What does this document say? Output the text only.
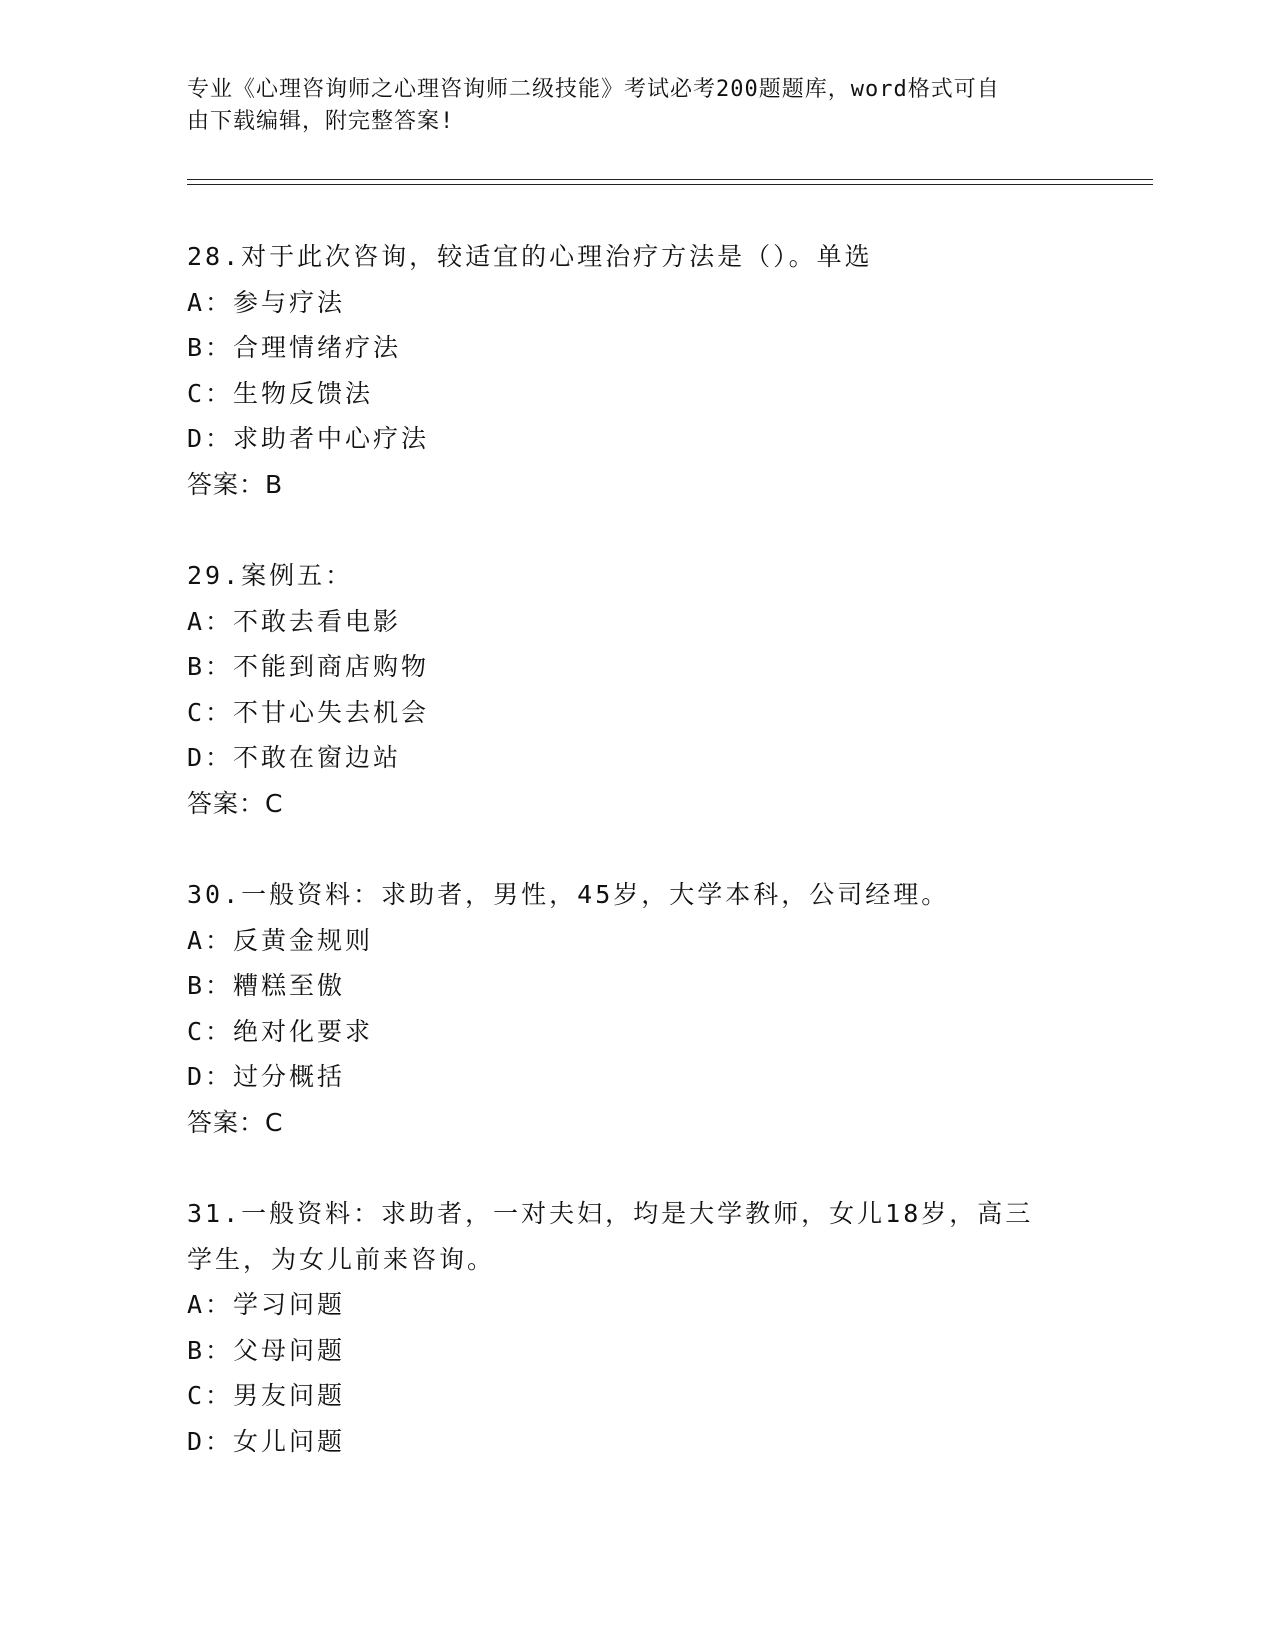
专业《心理咨询师之心理咨询师二级技能》考试必考200题题库，word格式可自
由下载编辑，附完整答案!
28.对于此次咨询，较适宜的心理治疗方法是（）。单选
A：参与疗法
B：合理情绪疗法
C：生物反馈法
D：求助者中心疗法
答案：B
29.案例五：
A：不敢去看电影
B：不能到商店购物
C：不甘心失去机会
D：不敢在窗边站
答案：C
30.一般资料：求助者，男性，45岁，大学本科，公司经理。
A：反黄金规则
B：糟糕至傲
C：绝对化要求
D：过分概括
答案：C
31.一般资料：求助者，一对夫妇，均是大学教师，女儿18岁，高三
学生，为女儿前来咨询。
A：学习问题
B：父母问题
C：男友问题
D：女儿问题
